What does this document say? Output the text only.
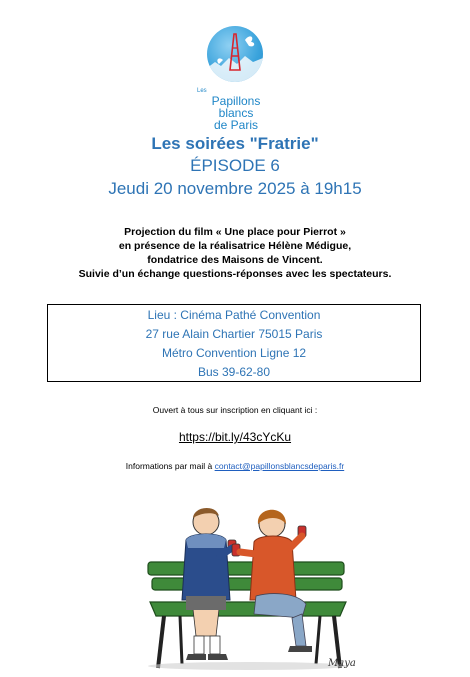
Les
Papillons blancs
de Paris
Les soirées "Fratrie"
ÉPISODE 6
Jeudi 20 novembre 2025 à 19h15
Projection du film « Une place pour Pierrot »
en présence de la réalisatrice Hélène Médigue,
fondatrice des Maisons de Vincent.
Suivie d’un échange questions-réponses avec les spectateurs.
Lieu : Cinéma Pathé Convention
27 rue Alain Chartier 75015 Paris
Métro Convention Ligne 12
Bus 39-62-80
Ouvert à tous sur inscription en cliquant ici :
https://bit.ly/43cYcKu
Informations par mail à contact@papillonsblancsdeparis.fr
Maya
